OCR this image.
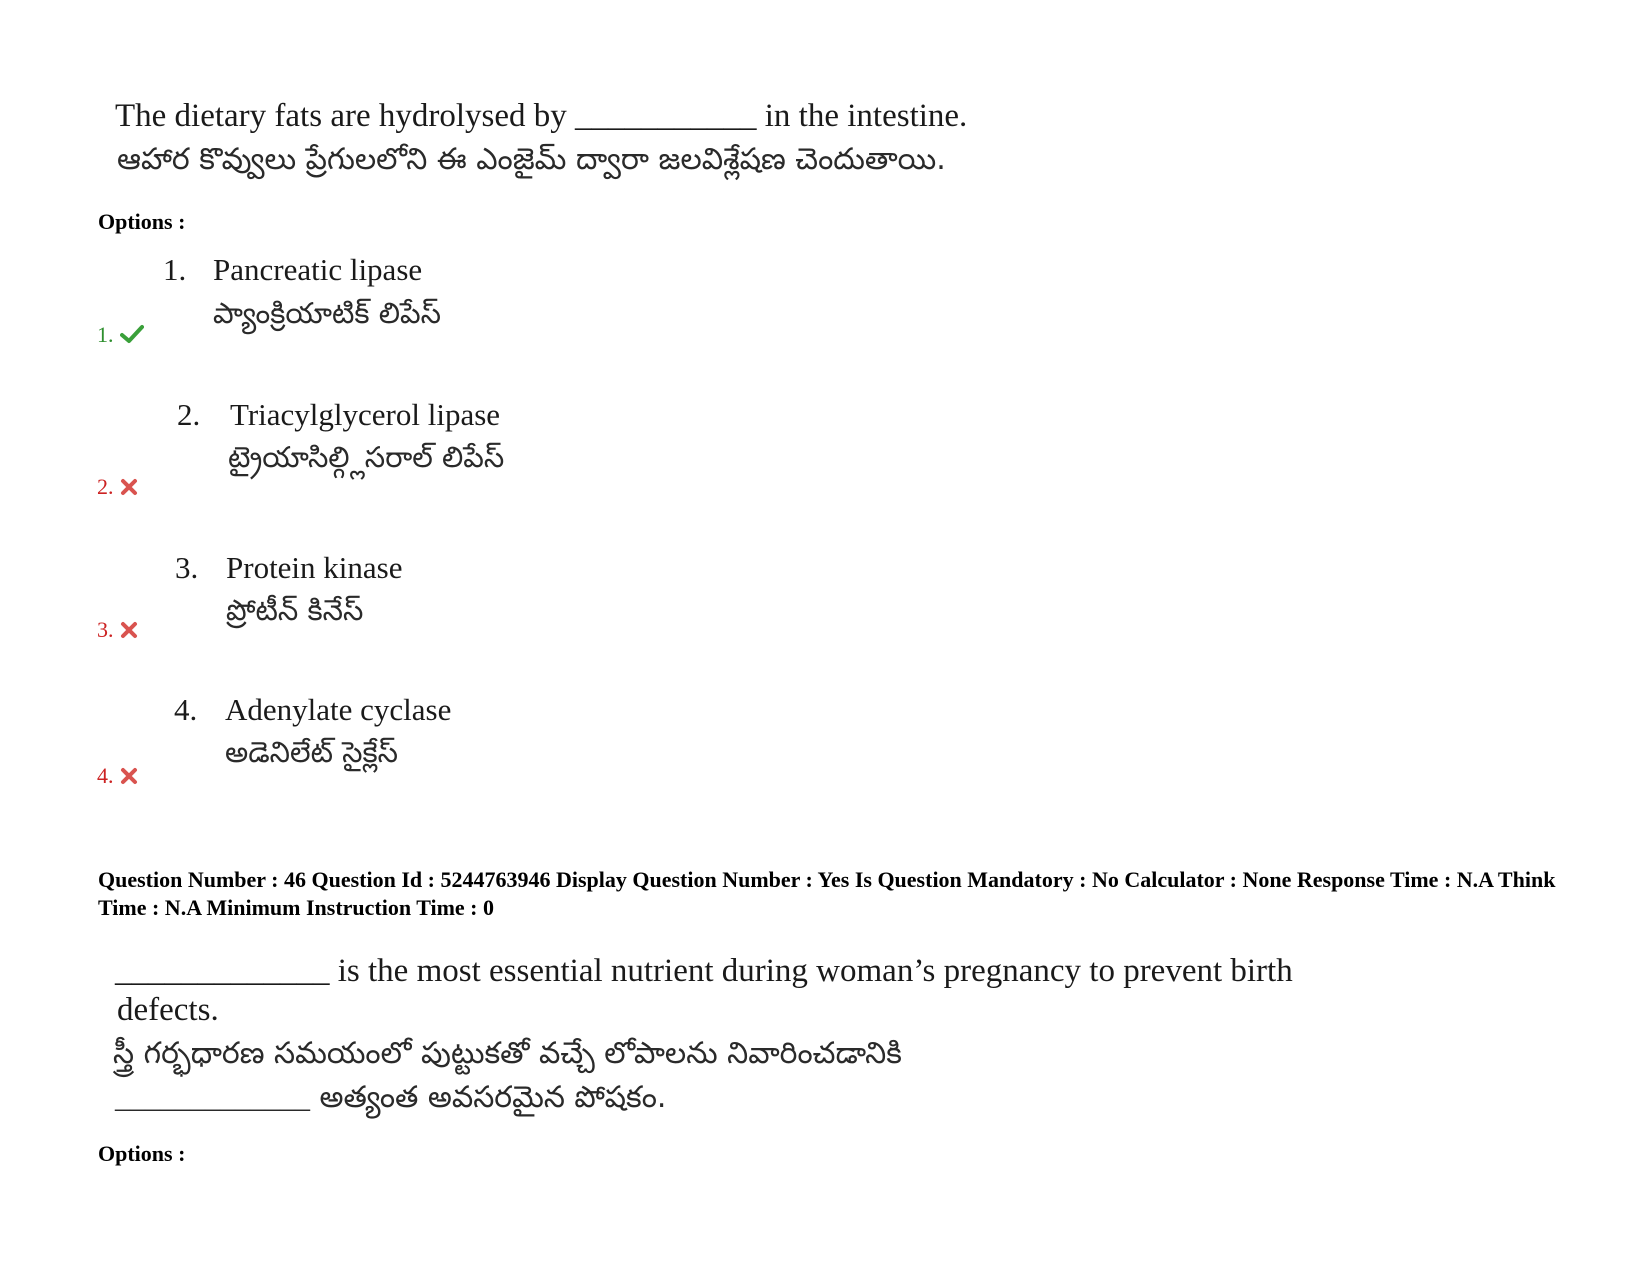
The dietary fats are hydrolysed by ___________ in the intestine.
ఆహార కొవ్వులు ప్రేగులలోని ఈ ఎంజైమ్ ద్వారా జలవిశ్లేషణ చెందుతాయి.
Options :
1. Pancreatic lipase
ప్యాంక్రియాటిక్ లిపేస్
1.
2. Triacylglycerol lipase
ట్రైయాసిల్గ్లిసరాల్ లిపేస్
2.
3. Protein kinase
ప్రోటీన్ కినేస్
3.
4. Adenylate cyclase
అడెనిలేట్ సైక్లేస్
4.
Question Number : 46 Question Id : 5244763946 Display Question Number : Yes Is Question Mandatory : No Calculator : None Response Time : N.A Think Time : N.A Minimum Instruction Time : 0
_____________ is the most essential nutrient during woman’s pregnancy to prevent birth
defects.
స్త్రీ గర్భధారణ సమయంలో పుట్టుకతో వచ్చే లోపాలను నివారించడానికి
_____________ అత్యంత అవసరమైన పోషకం.
Options :
